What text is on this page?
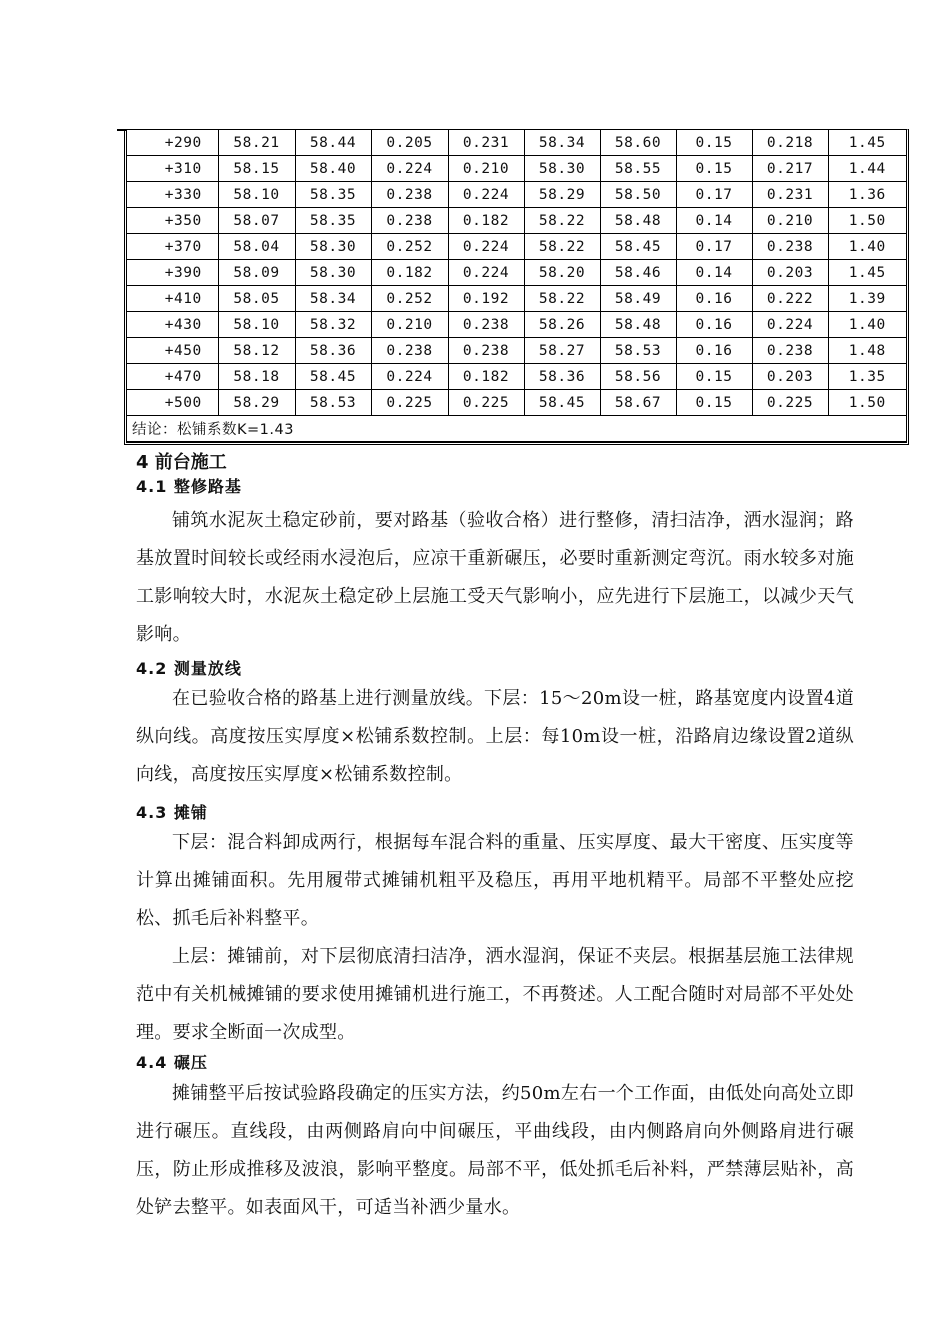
+290	58.21	58.44	0.205	0.231	58.34	58.60	0.15	0.218	1.45
+310	58.15	58.40	0.224	0.210	58.30	58.55	0.15	0.217	1.44
+330	58.10	58.35	0.238	0.224	58.29	58.50	0.17	0.231	1.36
+350	58.07	58.35	0.238	0.182	58.22	58.48	0.14	0.210	1.50
+370	58.04	58.30	0.252	0.224	58.22	58.45	0.17	0.238	1.40
+390	58.09	58.30	0.182	0.224	58.20	58.46	0.14	0.203	1.45
+410	58.05	58.34	0.252	0.192	58.22	58.49	0.16	0.222	1.39
+430	58.10	58.32	0.210	0.238	58.26	58.48	0.16	0.224	1.40
+450	58.12	58.36	0.238	0.238	58.27	58.53	0.16	0.238	1.48
+470	58.18	58.45	0.224	0.182	58.36	58.56	0.15	0.203	1.35
+500	58.29	58.53	0.225	0.225	58.45	58.67	0.15	0.225	1.50
结论：松铺系数K=1.43									
4 前台施工
4.1 整修路基
铺筑水泥灰土稳定砂前，要对路基（验收合格）进行整修，清扫洁净，洒水湿润；路基放置时间较长或经雨水浸泡后，应凉干重新碾压，必要时重新测定弯沉。雨水较多对施工影响较大时，水泥灰土稳定砂上层施工受天气影响小，应先进行下层施工，以减少天气影响。
4.2 测量放线
在已验收合格的路基上进行测量放线。下层：15～20m设一桩，路基宽度内设置4道纵向线。高度按压实厚度×松铺系数控制。上层：每10m设一桩，沿路肩边缘设置2道纵向线，高度按压实厚度×松铺系数控制。
4.3 摊铺
下层：混合料卸成两行，根据每车混合料的重量、压实厚度、最大干密度、压实度等计算出摊铺面积。先用履带式摊铺机粗平及稳压，再用平地机精平。局部不平整处应挖松、抓毛后补料整平。
上层：摊铺前，对下层彻底清扫洁净，洒水湿润，保证不夹层。根据基层施工法律规范中有关机械摊铺的要求使用摊铺机进行施工，不再赘述。人工配合随时对局部不平处处理。要求全断面一次成型。
4.4 碾压
摊铺整平后按试验路段确定的压实方法，约50m左右一个工作面，由低处向高处立即进行碾压。直线段，由两侧路肩向中间碾压，平曲线段，由内侧路肩向外侧路肩进行碾压，防止形成推移及波浪，影响平整度。局部不平，低处抓毛后补料，严禁薄层贴补，高处铲去整平。如表面风干，可适当补洒少量水。
